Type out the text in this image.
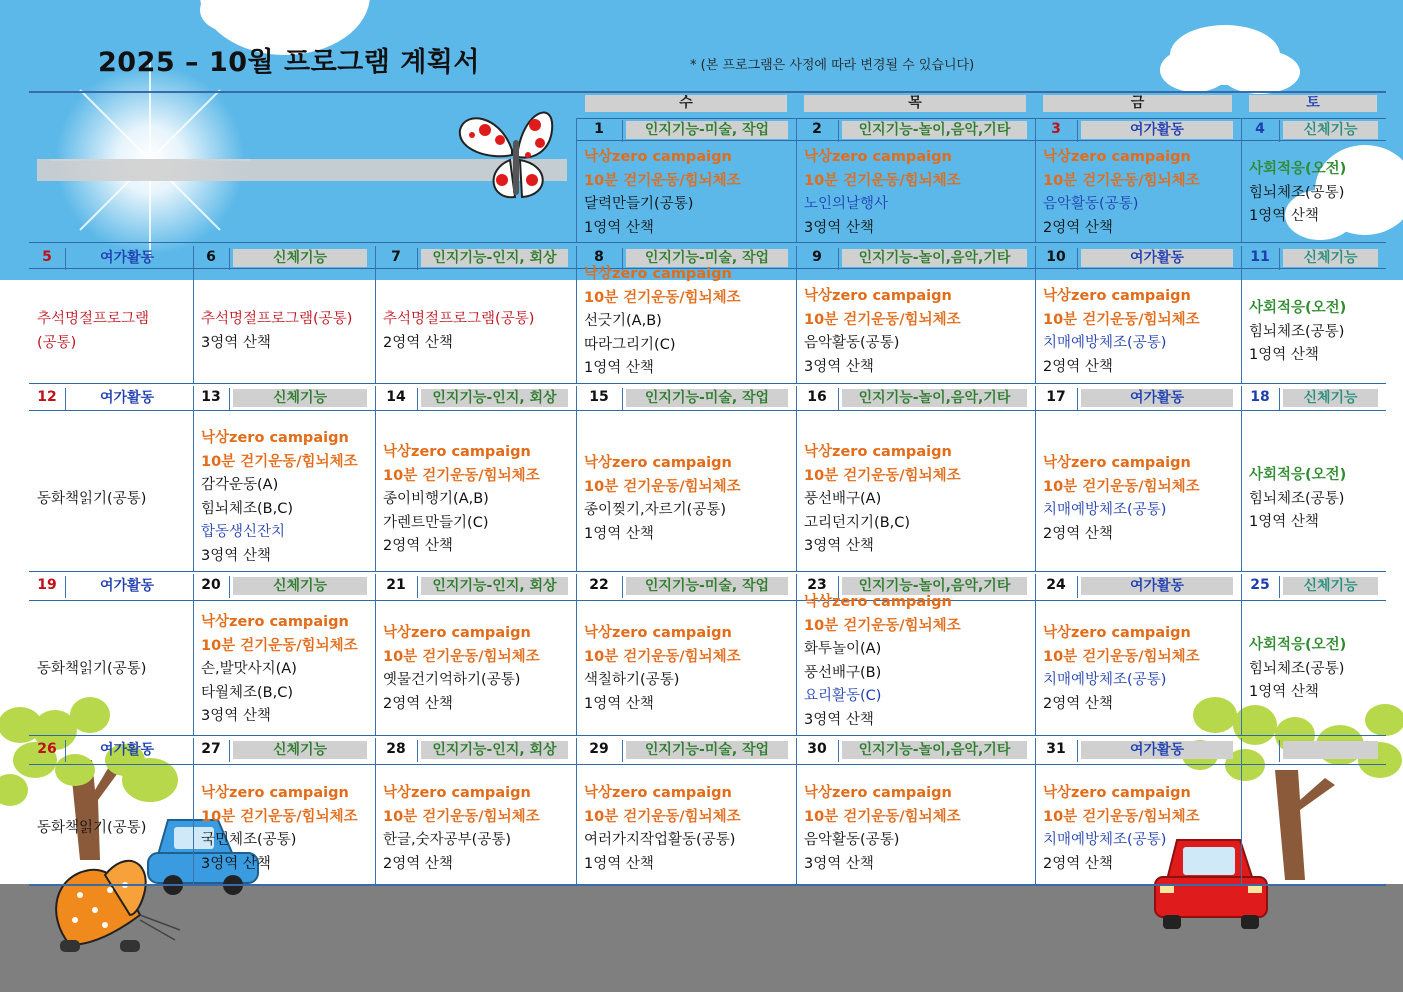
2025 – 10월 프로그램 계획서	* (본 프로그램은 사정에 따라 변경될 수 있습니다)
수	목	금	토
1	인지기능-미술, 작업
낙상zero campaign
10분 걷기운동/힘뇌체조
달력만들기(공통)
1영역 산책
2	인지기능-놀이,음악,기타
낙상zero campaign
10분 걷기운동/힘뇌체조
노인의날행사
3영역 산책
3	여가활동
낙상zero campaign
10분 걷기운동/힘뇌체조
음악활동(공통)
2영역 산책
4	신체기능
사회적응(오전)
힘뇌체조(공통)
1영역 산책
5	여가활동
추석명절프로그램
(공통)
6	신체기능
추석명절프로그램(공통)
3영역 산책
7	인지기능-인지, 회상
추석명절프로그램(공통)
2영역 산책
8	인지기능-미술, 작업
낙상zero campaign
10분 걷기운동/힘뇌체조
선긋기(A,B)
따라그리기(C)
1영역 산책
9	인지기능-놀이,음악,기타
낙상zero campaign
10분 걷기운동/힘뇌체조
음악활동(공통)
3영역 산책
10	여가활동
낙상zero campaign
10분 걷기운동/힘뇌체조
치매예방체조(공통)
2영역 산책
11	신체기능
사회적응(오전)
힘뇌체조(공통)
1영역 산책
12	여가활동
동화책읽기(공통)
13	신체기능
낙상zero campaign
10분 걷기운동/힘뇌체조
감각운동(A)
힘뇌체조(B,C)
합동생신잔치
3영역 산책
14	인지기능-인지, 회상
낙상zero campaign
10분 걷기운동/힘뇌체조
종이비행기(A,B)
가렌트만들기(C)
2영역 산책
15	인지기능-미술, 작업
낙상zero campaign
10분 걷기운동/힘뇌체조
종이찢기,자르기(공통)
1영역 산책
16	인지기능-놀이,음악,기타
낙상zero campaign
10분 걷기운동/힘뇌체조
풍선배구(A)
고리던지기(B,C)
3영역 산책
17	여가활동
낙상zero campaign
10분 걷기운동/힘뇌체조
치매예방체조(공통)
2영역 산책
18	신체기능
사회적응(오전)
힘뇌체조(공통)
1영역 산책
19	여가활동
동화책읽기(공통)
20	신체기능
낙상zero campaign
10분 걷기운동/힘뇌체조
손,발맛사지(A)
타월체조(B,C)
3영역 산책
21	인지기능-인지, 회상
낙상zero campaign
10분 걷기운동/힘뇌체조
옛물건기억하기(공통)
2영역 산책
22	인지기능-미술, 작업
낙상zero campaign
10분 걷기운동/힘뇌체조
색칠하기(공통)
1영역 산책
23	인지기능-놀이,음악,기타
낙상zero campaign
10분 걷기운동/힘뇌체조
화투놀이(A)
풍선배구(B)
요리활동(C)
3영역 산책
24	여가활동
낙상zero campaign
10분 걷기운동/힘뇌체조
치매예방체조(공통)
2영역 산책
25	신체기능
사회적응(오전)
힘뇌체조(공통)
1영역 산책
26	여가활동
동화책읽기(공통)
27	신체기능
낙상zero campaign
10분 걷기운동/힘뇌체조
국민체조(공통)
3영역 산책
28	인지기능-인지, 회상
낙상zero campaign
10분 걷기운동/힘뇌체조
한글,숫자공부(공통)
2영역 산책
29	인지기능-미술, 작업
낙상zero campaign
10분 걷기운동/힘뇌체조
여러가지작업활동(공통)
1영역 산책
30	인지기능-놀이,음악,기타
낙상zero campaign
10분 걷기운동/힘뇌체조
음악활동(공통)
3영역 산책
31	여가활동
낙상zero campaign
10분 걷기운동/힘뇌체조
치매예방체조(공통)
2영역 산책
